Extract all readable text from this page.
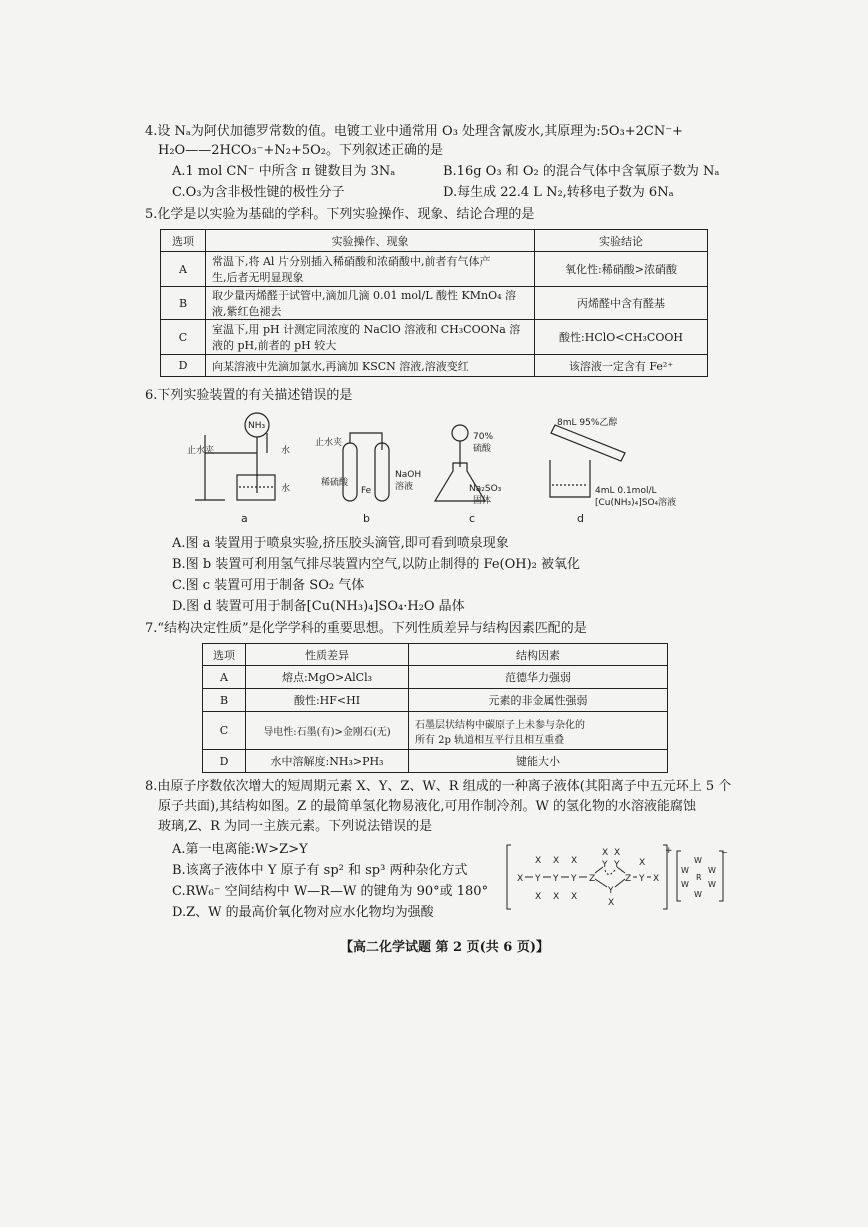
4.设 Nₐ为阿伏加德罗常数的值。电镀工业中通常用 O₃ 处理含氰废水,其原理为:5O₃+2CN⁻+
H₂O——2HCO₃⁻+N₂+5O₂。下列叙述正确的是
A.1 mol CN⁻ 中所含 π 键数目为 3Nₐ	B.16g O₃ 和 O₂ 的混合气体中含氧原子数为 Nₐ
C.O₃为含非极性键的极性分子	D.每生成 22.4 L N₂,转移电子数为 6Nₐ
5.化学是以实验为基础的学科。下列实验操作、现象、结论合理的是
选项	实验操作、现象	实验结论
A	常温下,将 Al 片分别插入稀硝酸和浓硝酸中,前者有气体产
生,后者无明显现象	氧化性:稀硝酸>浓硝酸
B	取少量丙烯醛于试管中,滴加几滴 0.01 mol/L 酸性 KMnO₄ 溶
液,紫红色褪去	丙烯醛中含有醛基
C	室温下,用 pH 计测定同浓度的 NaClO 溶液和 CH₃COONa 溶
液的 pH,前者的 pH 较大	酸性:HClO<CH₃COOH
D	向某溶液中先滴加氯水,再滴加 KSCN 溶液,溶液变红	该溶液一定含有 Fe²⁺
6.下列实验装置的有关描述错误的是
NH₃
止水夹	水
水
a
止水夹
稀硫酸
Fe
NaOH
溶液
b
70%
硫酸
Na₂SO₃
固体
c
8mL 95%乙醇
4mL 0.1mol/L
[Cu(NH₃)₄]SO₄溶液
d
A.图 a 装置用于喷泉实验,挤压胶头滴管,即可看到喷泉现象
B.图 b 装置可利用氢气排尽装置内空气,以防止制得的 Fe(OH)₂ 被氧化
C.图 c 装置可用于制备 SO₂ 气体
D.图 d 装置可用于制备[Cu(NH₃)₄]SO₄·H₂O 晶体
7.“结构决定性质”是化学学科的重要思想。下列性质差异与结构因素匹配的是
选项	性质差异	结构因素
A	熔点:MgO>AlCl₃	范德华力强弱
B	酸性:HF<HI	元素的非金属性强弱
C	导电性:石墨(有)>金刚石(无)	石墨层状结构中碳原子上未参与杂化的
所有 2p 轨道相互平行且相互重叠

D	水中溶解度:NH₃>PH₃	键能大小
8.由原子序数依次增大的短周期元素 X、Y、Z、W、R 组成的一种离子液体(其阳离子中五元环上 5 个
原子共面),其结构如图。Z 的最简单氢化物易液化,可用作制冷剂。W 的氢化物的水溶液能腐蚀
玻璃,Z、R 为同一主族元素。下列说法错误的是
A.第一电离能:W>Z>Y
B.该离子液体中 Y 原子有 sp² 和 sp³ 两种杂化方式
C.RW₆⁻ 空间结构中 W—R—W 的键角为 90°或 180°
D.Z、W 的最高价氧化物对应水化物均为强酸
+
X Y Y Y Z	Z Y X
X X X
X X X
X
X X
Y Y
Y
X
−
R
W
W
W W
W W
【高二化学试题 第 2 页(共 6 页)】
